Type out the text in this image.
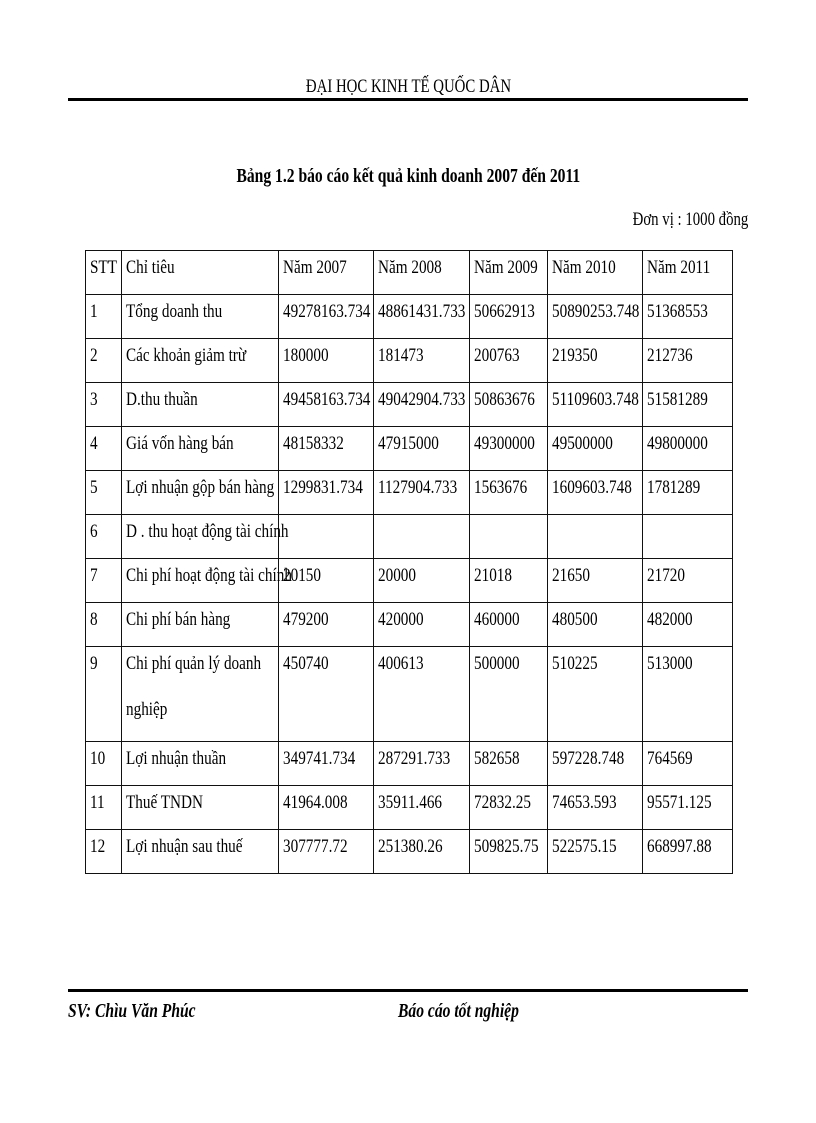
ĐẠI HỌC KINH TẾ QUỐC DÂN
Bảng 1.2 báo cáo kết quả kinh doanh 2007 đến 2011
Đơn vị : 1000 đồng
STT	Chỉ tiêu	Năm 2007	Năm 2008	Năm 2009	Năm 2010	Năm 2011

1	Tổng doanh thu	49278163.734	48861431.733	50662913	50890253.748	51368553

2	Các khoản giảm trừ	180000	181473	200763	219350	212736

3	D.thu thuần	49458163.734	49042904.733	50863676	51109603.748	51581289

4	Giá vốn hàng bán	48158332	47915000	49300000	49500000	49800000

5	Lợi nhuận gộp bán hàng	1299831.734	1127904.733	1563676	1609603.748	1781289

6	D . thu hoạt động tài chính					

7	Chi phí hoạt động tài chính	20150	20000	21018	21650	21720

8	Chi phí bán hàng	479200	420000	460000	480500	482000

9	Chi phí quản lý doanh nghiệp	450740	400613	500000	510225	513000

10	Lợi nhuận thuần	349741.734	287291.733	582658	597228.748	764569

11	Thuế TNDN	41964.008	35911.466	72832.25	74653.593	95571.125

12	Lợi nhuận sau thuế	307777.72	251380.26	509825.75	522575.15	668997.88
SV: Chìu Văn Phúc	Báo cáo tốt nghiệp
